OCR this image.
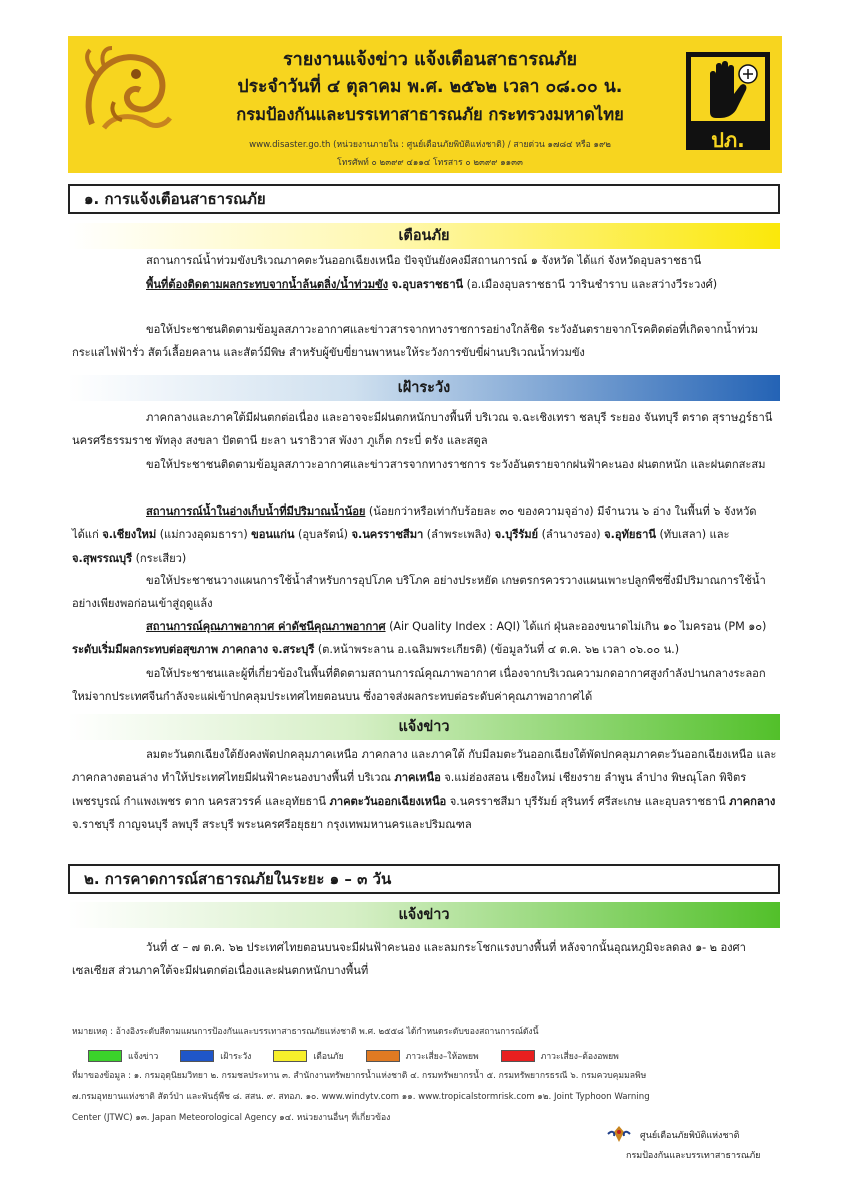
รายงานแจ้งข่าว แจ้งเตือนสาธารณภัย
ประจำวันที่ ๔ ตุลาคม พ.ศ. ๒๕๖๒ เวลา ๐๘.๐๐ น.
กรมป้องกันและบรรเทาสาธารณภัย กระทรวงมหาดไทย
www.disaster.go.th (หน่วยงานภายใน : ศูนย์เตือนภัยพิบัติแห่งชาติ) / สายด่วน ๑๗๘๔ หรือ ๑๙๒
โทรศัพท์ ๐ ๒๓๙๙ ๔๑๑๔ โทรสาร ๐ ๒๓๙๙ ๑๑๓๓
ปภ.
๑. การแจ้งเตือนสาธารณภัย
เตือนภัย
สถานการณ์น้ำท่วมขังบริเวณภาคตะวันออกเฉียงเหนือ ปัจจุบันยังคงมีสถานการณ์ ๑ จังหวัด ได้แก่ จังหวัดอุบลราชธานี
พื้นที่ต้องติดตามผลกระทบจากน้ำล้นตลิ่ง/น้ำท่วมขัง จ.อุบลราชธานี (อ.เมืองอุบลราชธานี วารินชำราบ และสว่างวีระวงศ์)
ขอให้ประชาชนติดตามข้อมูลสภาวะอากาศและข่าวสารจากทางราชการอย่างใกล้ชิด ระวังอันตรายจากโรคติดต่อที่เกิดจากน้ำท่วม กระแสไฟฟ้ารั่ว สัตว์เลื้อยคลาน และสัตว์มีพิษ สำหรับผู้ขับขี่ยานพาหนะให้ระวังการขับขี่ผ่านบริเวณน้ำท่วมขัง
เฝ้าระวัง
ภาคกลางและภาคใต้มีฝนตกต่อเนื่อง และอาจจะมีฝนตกหนักบางพื้นที่ บริเวณ จ.ฉะเชิงเทรา ชลบุรี ระยอง จันทบุรี ตราด สุราษฎร์ธานี นครศรีธรรมราช พัทลุง สงขลา ปัตตานี ยะลา นราธิวาส พังงา ภูเก็ต กระบี่ ตรัง และสตูล
ขอให้ประชาชนติดตามข้อมูลสภาวะอากาศและข่าวสารจากทางราชการ ระวังอันตรายจากฝนฟ้าคะนอง ฝนตกหนัก และฝนตกสะสม
สถานการณ์น้ำในอ่างเก็บน้ำที่มีปริมาณน้ำน้อย (น้อยกว่าหรือเท่ากับร้อยละ ๓๐ ของความจุอ่าง) มีจำนวน ๖ อ่าง ในพื้นที่ ๖ จังหวัด ได้แก่ จ.เชียงใหม่ (แม่กวงอุดมธารา) ขอนแก่น (อุบลรัตน์) จ.นครราชสีมา (ลำพระเพลิง) จ.บุรีรัมย์ (ลำนางรอง) จ.อุทัยธานี (ทับเสลา) และ จ.สุพรรณบุรี (กระเสียว)
ขอให้ประชาชนวางแผนการใช้น้ำสำหรับการอุปโภค บริโภค อย่างประหยัด เกษตรกรควรวางแผนเพาะปลูกพืชซึ่งมีปริมาณการใช้น้ำอย่างเพียงพอก่อนเข้าสู่ฤดูแล้ง
สถานการณ์คุณภาพอากาศ ค่าดัชนีคุณภาพอากาศ (Air Quality Index : AQI) ได้แก่ ฝุ่นละอองขนาดไม่เกิน ๑๐ ไมครอน (PM ๑๐) ระดับเริ่มมีผลกระทบต่อสุขภาพ ภาคกลาง จ.สระบุรี (ต.หน้าพระลาน อ.เฉลิมพระเกียรติ) (ข้อมูลวันที่ ๔ ต.ค. ๖๒ เวลา ๐๖.๐๐ น.)
ขอให้ประชาชนและผู้ที่เกี่ยวข้องในพื้นที่ติดตามสถานการณ์คุณภาพอากาศ เนื่องจากบริเวณความกดอากาศสูงกำลังปานกลางระลอกใหม่จากประเทศจีนกำลังจะแผ่เข้าปกคลุมประเทศไทยตอนบน ซึ่งอาจส่งผลกระทบต่อระดับค่าคุณภาพอากาศได้
แจ้งข่าว
ลมตะวันตกเฉียงใต้ยังคงพัดปกคลุมภาคเหนือ ภาคกลาง และภาคใต้ กับมีลมตะวันออกเฉียงใต้พัดปกคลุมภาคตะวันออกเฉียงเหนือ และภาคกลางตอนล่าง ทำให้ประเทศไทยมีฝนฟ้าคะนองบางพื้นที่ บริเวณ ภาคเหนือ จ.แม่ฮ่องสอน เชียงใหม่ เชียงราย ลำพูน ลำปาง พิษณุโลก พิจิตร เพชรบูรณ์ กำแพงเพชร ตาก นครสวรรค์ และอุทัยธานี ภาคตะวันออกเฉียงเหนือ จ.นครราชสีมา บุรีรัมย์ สุรินทร์ ศรีสะเกษ และอุบลราชธานี ภาคกลาง จ.ราชบุรี กาญจนบุรี ลพบุรี สระบุรี พระนครศรีอยุธยา กรุงเทพมหานครและปริมณฑล
๒. การคาดการณ์สาธารณภัยในระยะ ๑ – ๓ วัน
แจ้งข่าว
วันที่ ๕ – ๗ ต.ค. ๖๒ ประเทศไทยตอนบนจะมีฝนฟ้าคะนอง และลมกระโชกแรงบางพื้นที่ หลังจากนั้นอุณหภูมิจะลดลง ๑- ๒ องศาเซลเซียส ส่วนภาคใต้จะมีฝนตกต่อเนื่องและฝนตกหนักบางพื้นที่
หมายเหตุ : อ้างอิงระดับสีตามแผนการป้องกันและบรรเทาสาธารณภัยแห่งชาติ พ.ศ. ๒๕๕๘ ได้กำหนดระดับของสถานการณ์ดังนี้
แจ้งข่าว	เฝ้าระวัง	เตือนภัย	ภาวะเสี่ยง–ให้อพยพ	ภาวะเสี่ยง–ต้องอพยพ
ที่มาของข้อมูล : ๑. กรมอุตุนิยมวิทยา ๒. กรมชลประทาน ๓. สำนักงานทรัพยากรน้ำแห่งชาติ ๔. กรมทรัพยากรน้ำ ๕. กรมทรัพยากรธรณี ๖. กรมควบคุมมลพิษ
๗.กรมอุทยานแห่งชาติ สัตว์ป่า และพันธุ์พืช ๘. สสน. ๙. สทอภ. ๑๐. www.windytv.com ๑๑. www.tropicalstormrisk.com ๑๒. Joint Typhoon Warning
Center (JTWC) ๑๓. Japan Meteorological Agency ๑๔. หน่วยงานอื่นๆ ที่เกี่ยวข้อง
ศูนย์เตือนภัยพิบัติแห่งชาติ
กรมป้องกันและบรรเทาสาธารณภัย
